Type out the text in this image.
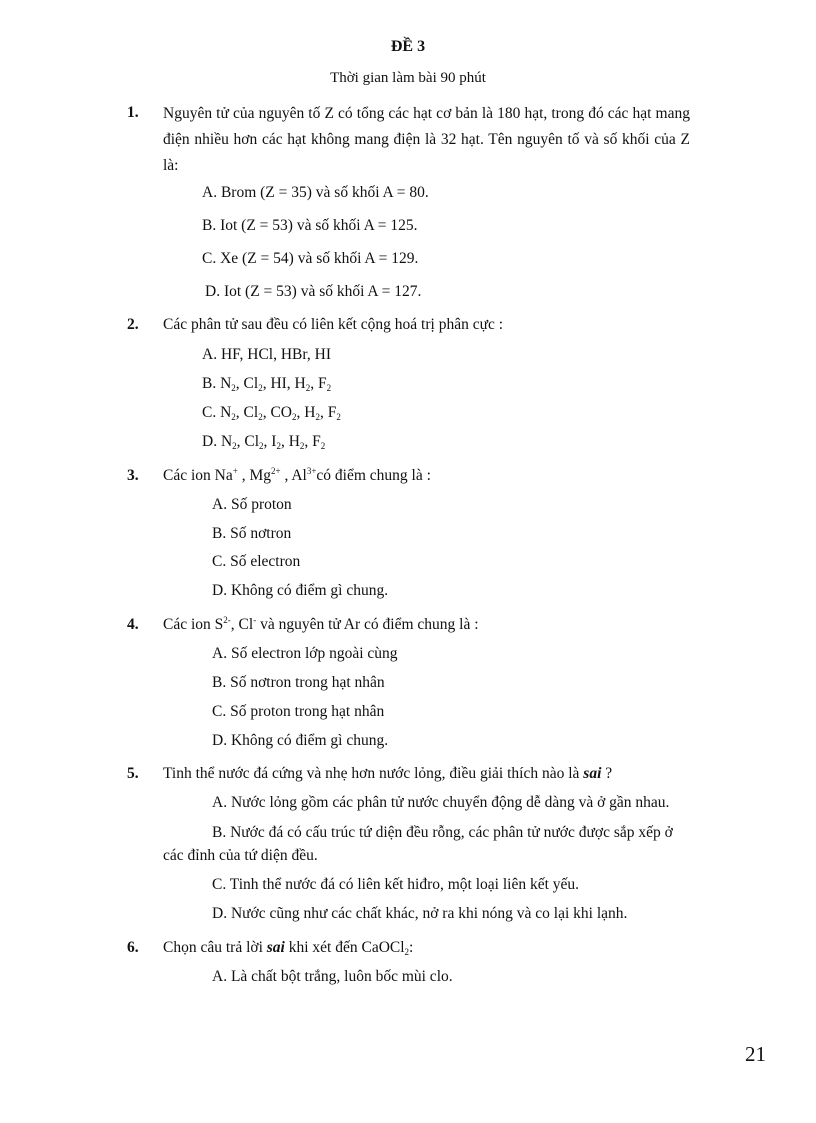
ĐỀ 3
Thời gian làm bài 90 phút
1. Nguyên tử của nguyên tố Z có tổng các hạt cơ bản là 180 hạt, trong đó các hạt mang điện nhiều hơn các hạt không mang điện là 32 hạt. Tên nguyên tố và số khối của Z là:
A. Brom (Z = 35) và số khối A = 80.
B. Iot (Z = 53) và số khối A = 125.
C. Xe (Z = 54) và số khối A = 129.
D. Iot (Z = 53) và số khối A = 127.
2. Các phân tử sau đều có liên kết cộng hoá trị phân cực :
A. HF, HCl, HBr, HI
B. $N_2$, $Cl_2$, HI, $H_2$, $F_2$
C. $N_2$, $Cl_2$, $CO_2$, $H_2$, $F_2$
D. $N_2$, $Cl_2$, $I_2$, $H_2$, $F_2$
3. Các ion Na+ , $Mg^{2+}$ , $Al^{3+}có$ điểm chung là :
A. Số proton
B. Số nơtron
C. Số electron
D. Không có điểm gì chung.
4. Các ion $S^{2-}$, Cl- và nguyên tử Ar có điểm chung là :
A. Số electron lớp ngoài cùng
B. Số nơtron trong hạt nhân
C. Số proton trong hạt nhân
D. Không có điểm gì chung.
5. Tinh thể nước đá cứng và nhẹ hơn nước lỏng, điều giải thích nào là sai ?
A. Nước lỏng gồm các phân tử nước chuyển động dễ dàng và ở gần nhau.
B. Nước đá có cấu trúc tứ diện đều rỗng, các phân tử nước được sắp xếp ở
các đỉnh của tứ diện đều.
C. Tinh thể nước đá có liên kết hiđro, một loại liên kết yếu.
D. Nước cũng như các chất khác, nở ra khi nóng và co lại khi lạnh.
6. Chọn câu trả lời sai khi xét đến CaOCl$_2$:
A. Là chất bột trắng, luôn bốc mùi clo.
21
